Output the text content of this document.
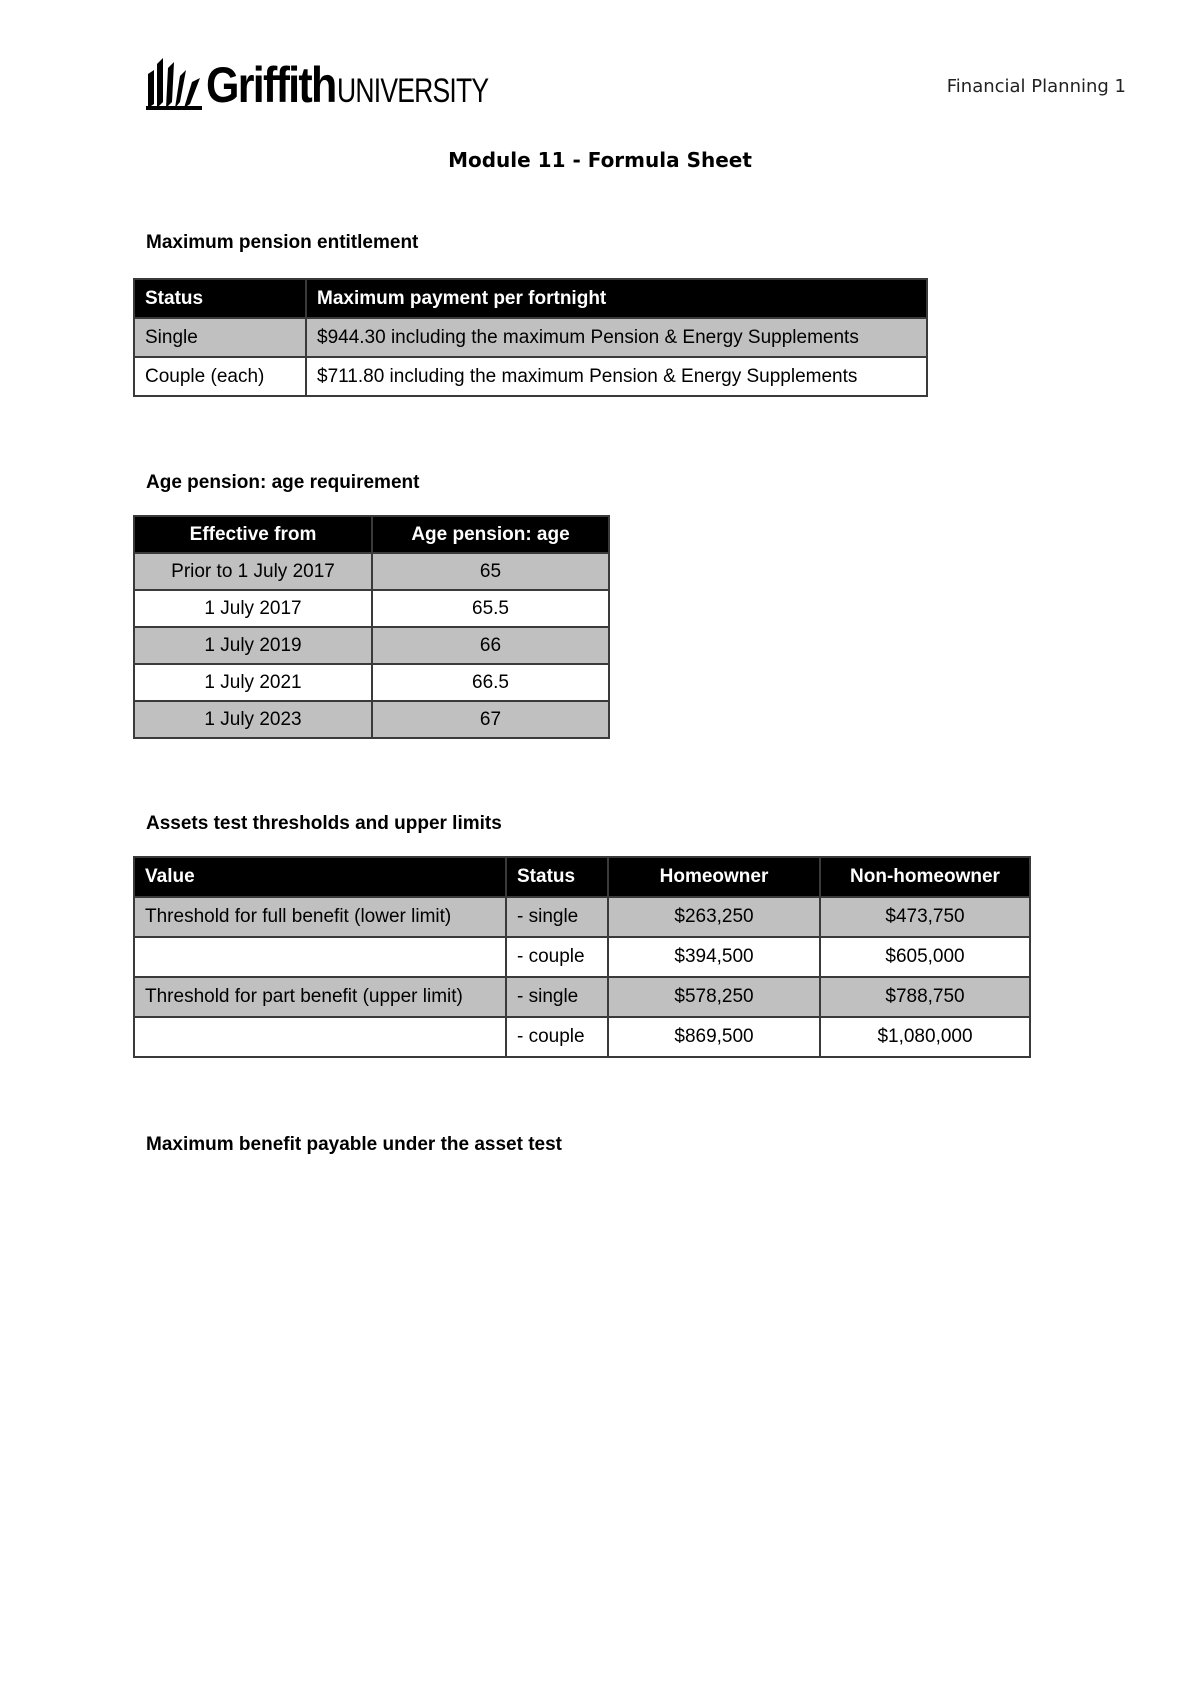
Griffith UNIVERSITY	Financial Planning 1
Module 11 - Formula Sheet
Maximum pension entitlement
Status	Maximum payment per fortnight
Single	$944.30 including the maximum Pension & Energy Supplements
Couple (each)	$711.80 including the maximum Pension & Energy Supplements
Age pension: age requirement
Effective from	Age pension: age
Prior to 1 July 2017	65
1 July 2017	65.5
1 July 2019	66
1 July 2021	66.5
1 July 2023	67
Assets test thresholds and upper limits
Value	Status	Homeowner	Non-homeowner
Threshold for full benefit (lower limit)	- single	$263,250	$473,750
	- couple	$394,500	$605,000
Threshold for part benefit (upper limit)	- single	$578,250	$788,750
	- couple	$869,500	$1,080,000
Maximum benefit payable under the asset test
